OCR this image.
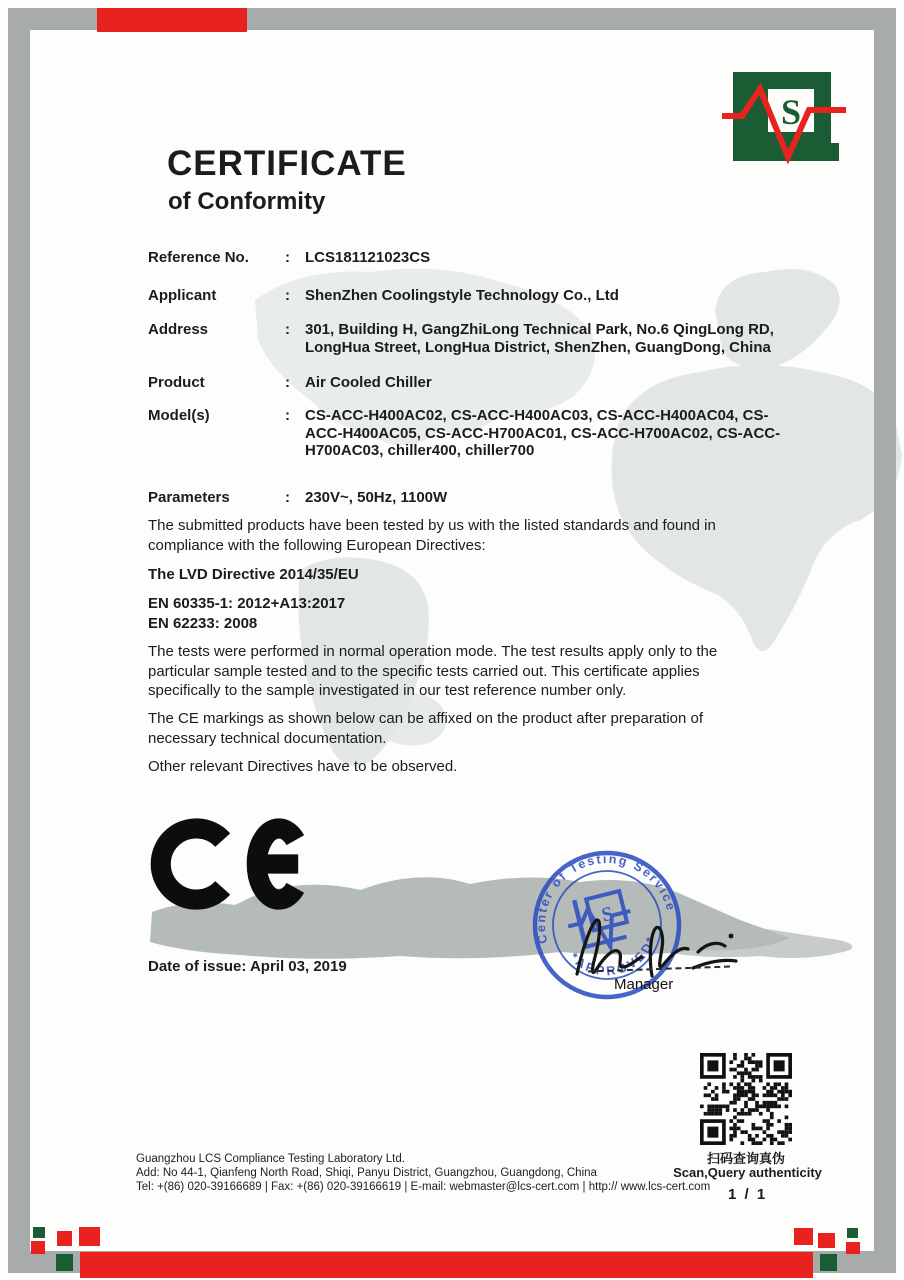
S
CERTIFICATE
of Conformity
Reference No.	:	LCS181121023CS
Applicant	:	ShenZhen Coolingstyle Technology Co., Ltd
Address	:	301, Building H, GangZhiLong Technical Park, No.6 QingLong RD, LongHua Street, LongHua District, ShenZhen, GuangDong, China
Product	:	Air Cooled Chiller
Model(s)	:	CS-ACC-H400AC02, CS-ACC-H400AC03, CS-ACC-H400AC04, CS-ACC-H400AC05, CS-ACC-H700AC01, CS-ACC-H700AC02, CS-ACC-H700AC03, chiller400, chiller700
Parameters	:	230V~, 50Hz, 1100W
The submitted products have been tested by us with the listed standards and found in compliance with the following European Directives:
The LVD Directive 2014/35/EU
EN 60335-1: 2012+A13:2017
EN 62233: 2008
The tests were performed in normal operation mode. The test results apply only to the particular sample tested and to the specific tests carried out. This certificate applies specifically to the sample investigated in our test reference number only.
The CE markings as shown below can be affixed on the product after preparation of necessary technical documentation.
Other relevant Directives have to be observed.
Date of issue: April 03, 2019
S
Center of Testing Service
*APPROVED*
Manager
扫码查询真伪
Scan,Query authenticity
Guangzhou LCS Compliance Testing Laboratory Ltd.
Add: No 44-1, Qianfeng North Road, Shiqi, Panyu District, Guangzhou, Guangdong, China
Tel: +(86) 020-39166689 | Fax: +(86) 020-39166619 | E-mail: webmaster@lcs-cert.com | http:// www.lcs-cert.com 1 / 1
